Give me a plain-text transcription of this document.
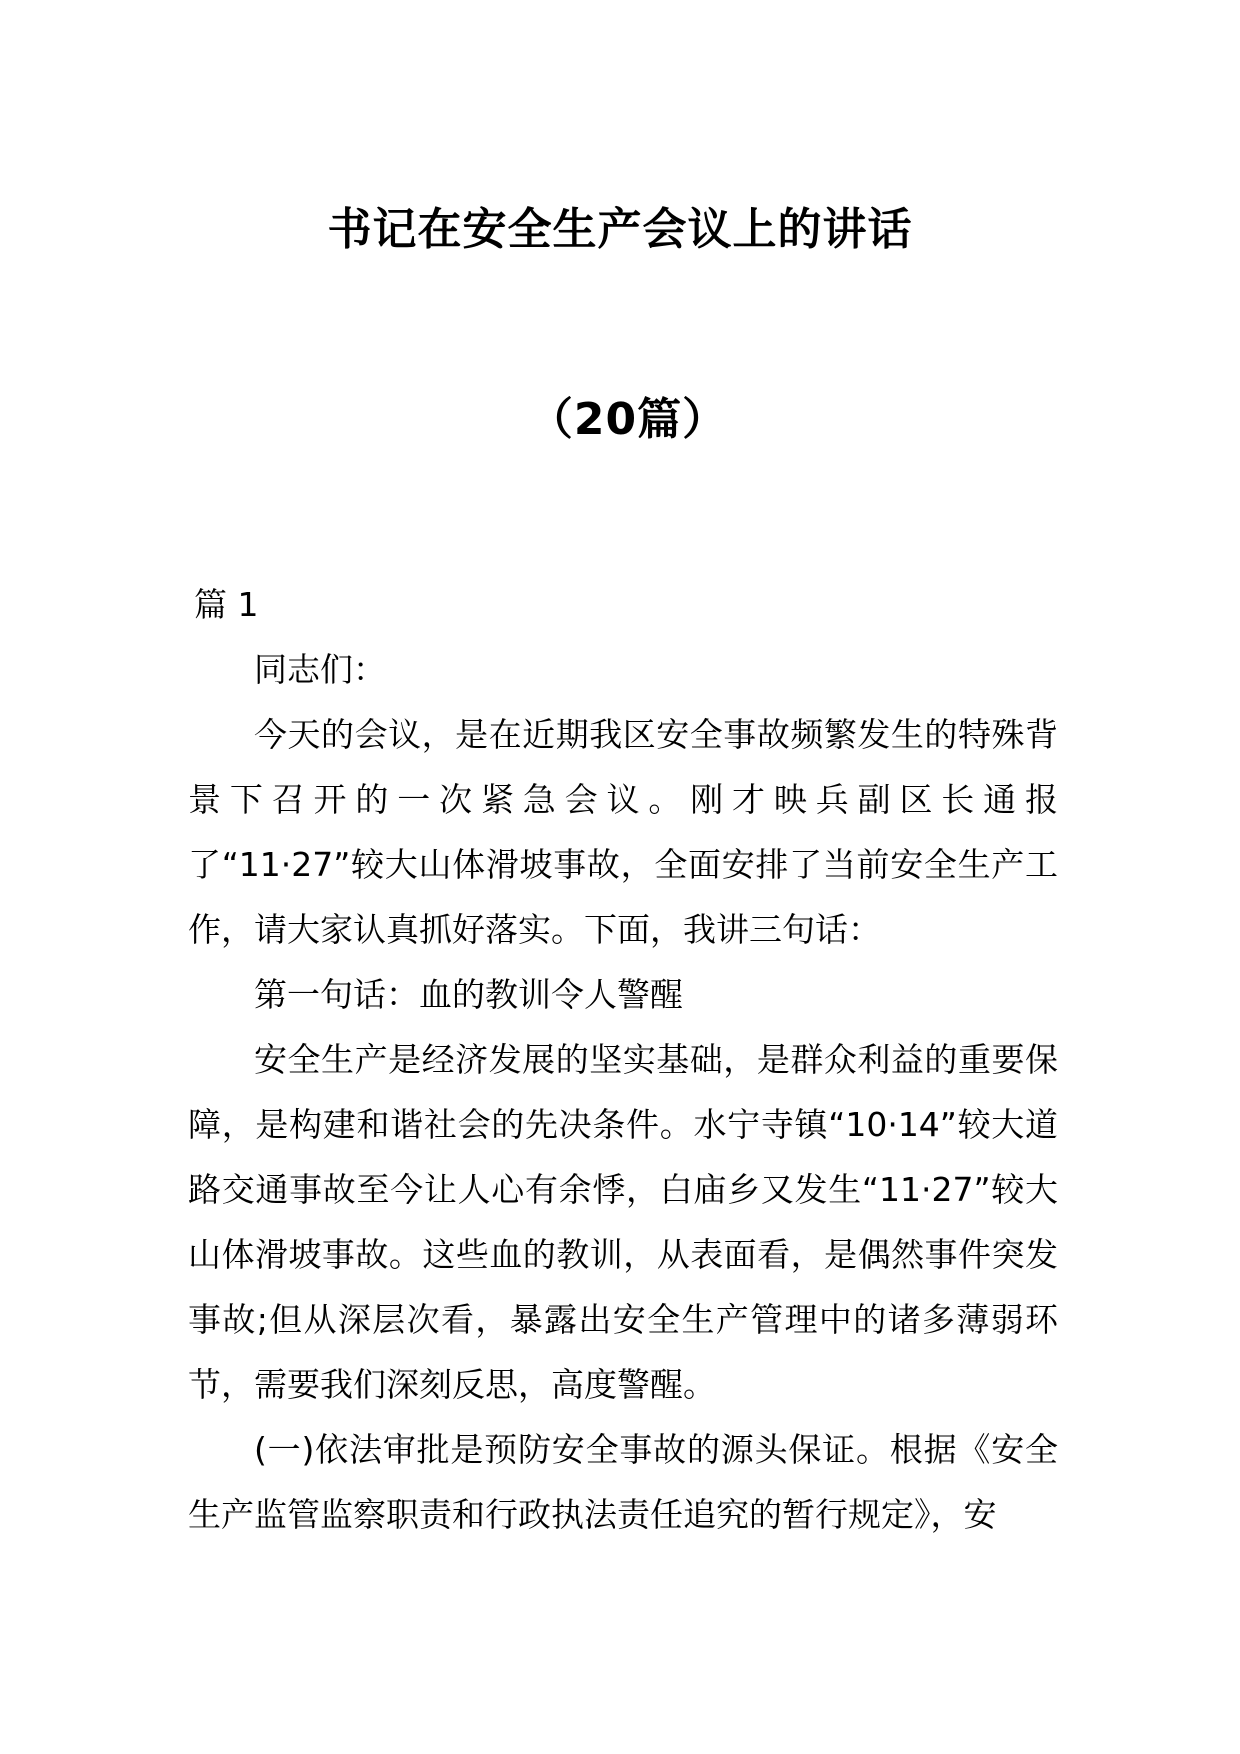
书记在安全生产会议上的讲话
（20篇）

篇 1

同志们：

今天的会议，是在近期我区安全事故频繁发生的特殊背景下召开的一次紧急会议。刚才映兵副区长通报了“11·27”较大山体滑坡事故，全面安排了当前安全生产工作，请大家认真抓好落实。下面，我讲三句话：

第一句话：血的教训令人警醒

安全生产是经济发展的坚实基础，是群众利益的重要保障，是构建和谐社会的先决条件。水宁寺镇“10·14”较大道路交通事故至今让人心有余悸，白庙乡又发生“11·27”较大山体滑坡事故。这些血的教训，从表面看，是偶然事件突发事故;但从深层次看，暴露出安全生产管理中的诸多薄弱环节，需要我们深刻反思，高度警醒。

(一)依法审批是预防安全事故的源头保证。根据《安全生产监管监察职责和行政执法责任追究的暂行规定》，安
